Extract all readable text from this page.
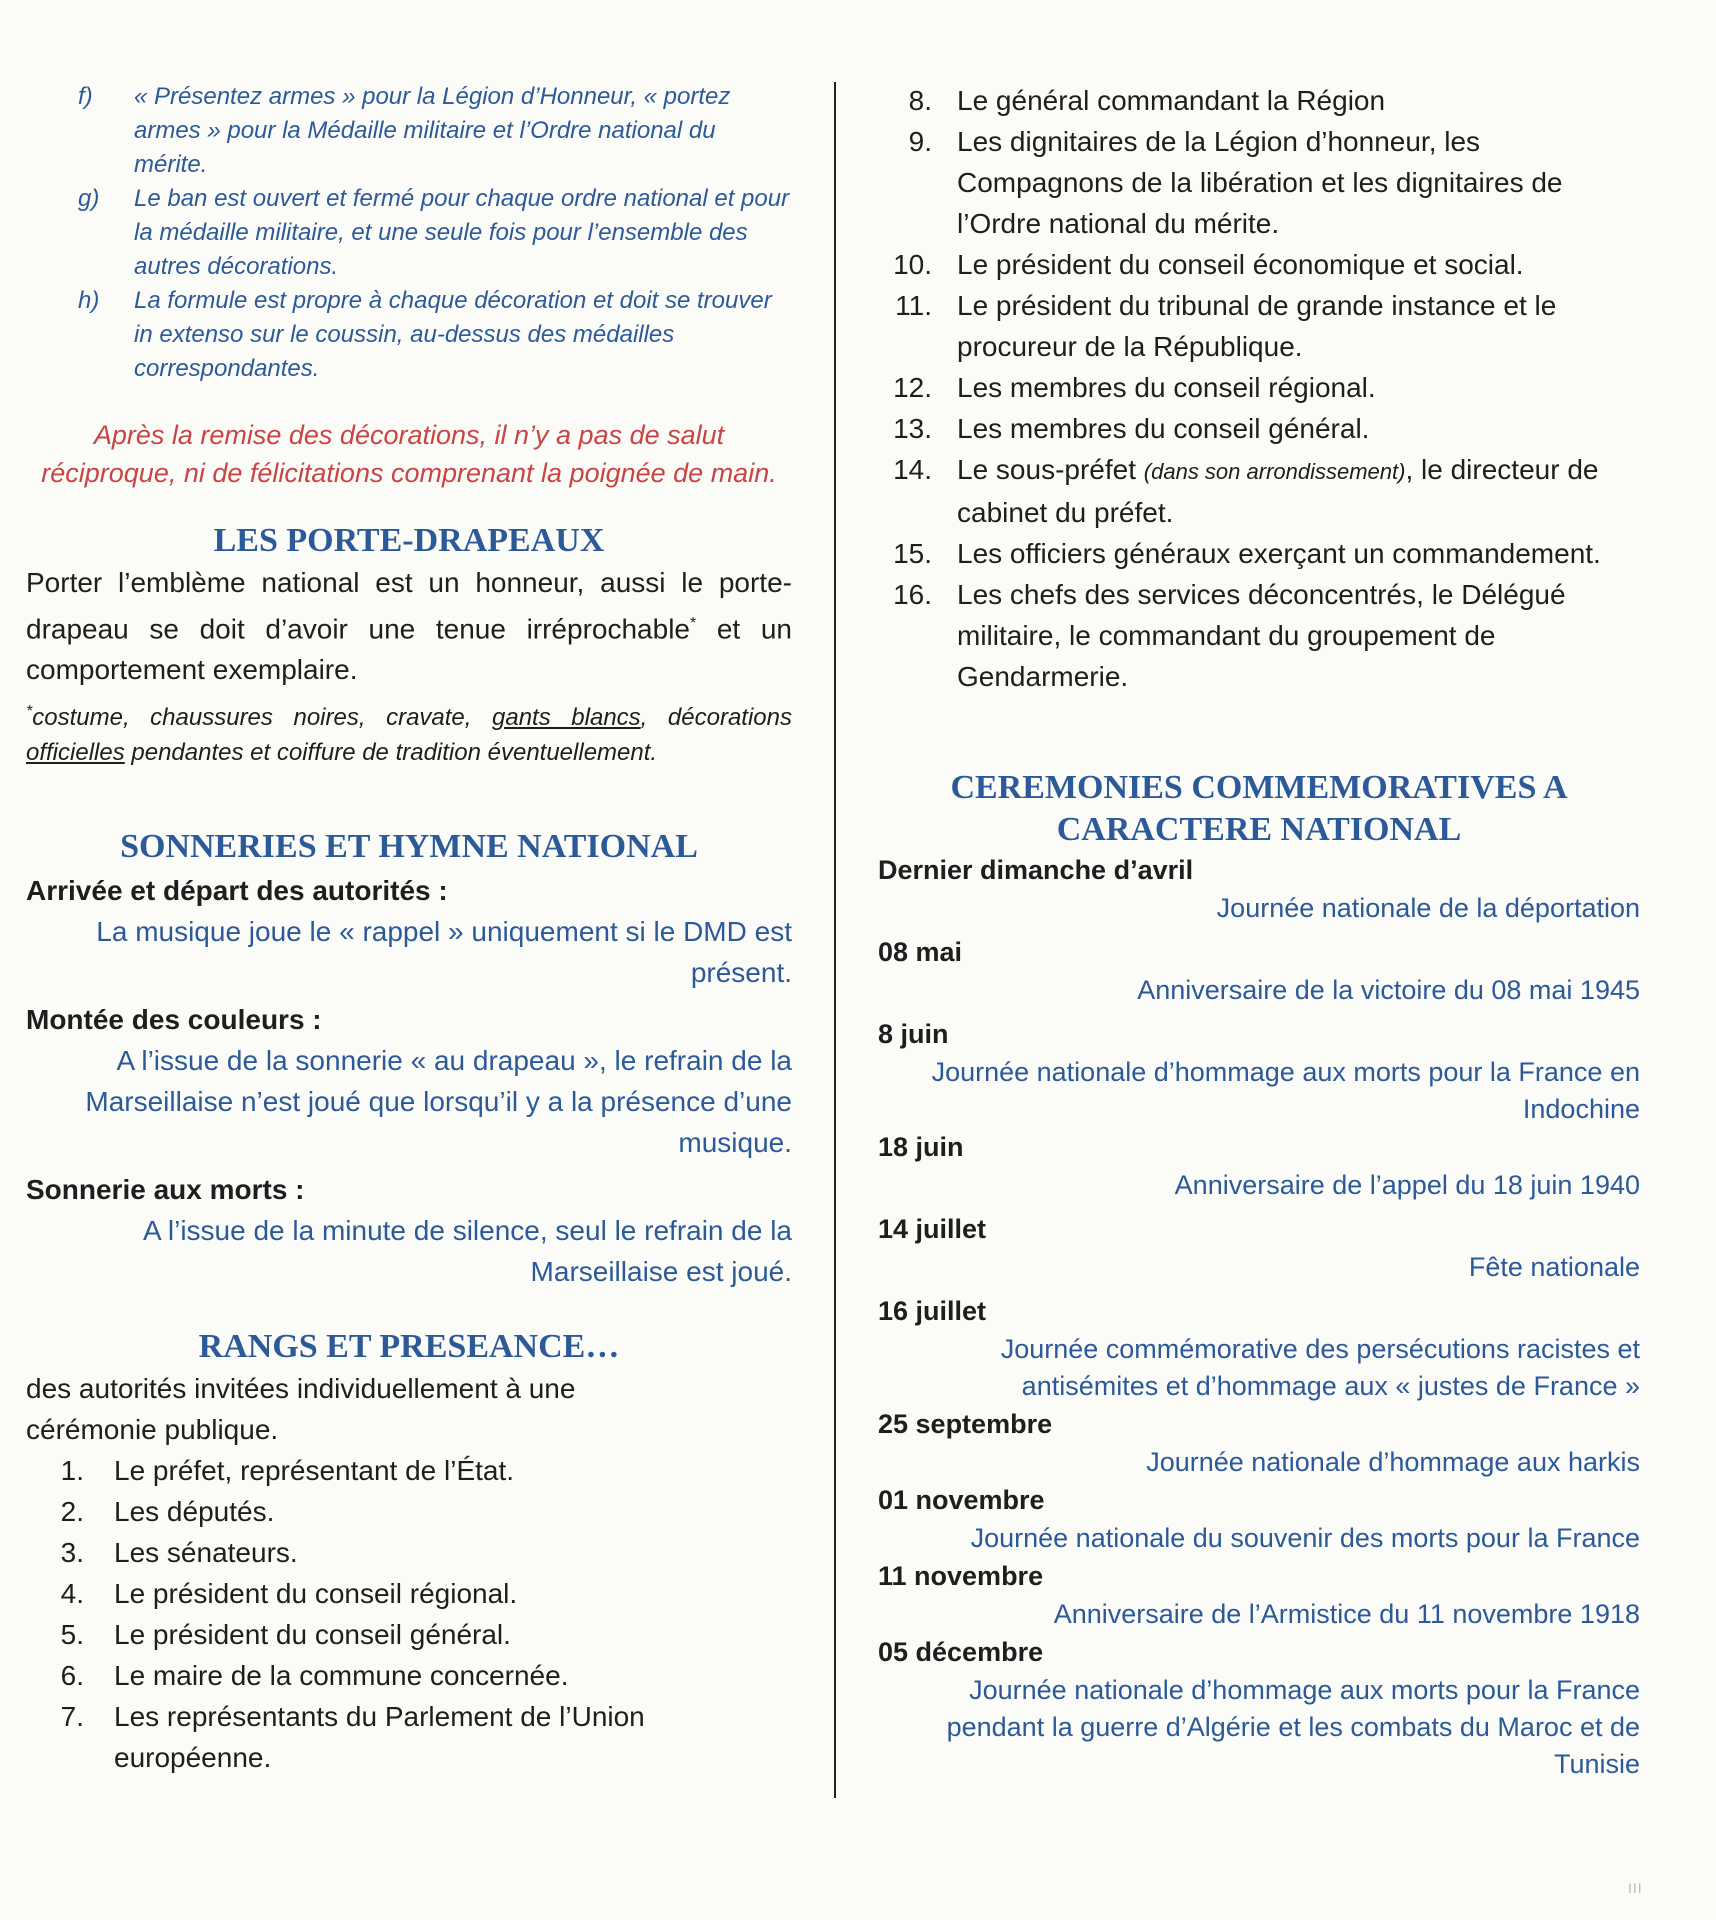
f)	« Présentez armes » pour la Légion d’Honneur, « portez armes » pour la Médaille militaire et l’Ordre national du mérite.
g)	Le ban est ouvert et fermé pour chaque ordre national et pour la médaille militaire, et une seule fois pour l’ensemble des autres décorations.
h)	La formule est propre à chaque décoration et doit se trouver in extenso sur le coussin, au-dessus des médailles correspondantes.

Après la remise des décorations, il n’y a pas de salut réciproque, ni de félicitations comprenant la poignée de main.

LES PORTE-DRAPEAUX

Porter l’emblème national est un honneur, aussi le porte-drapeau se doit d’avoir une tenue irréprochable* et un comportement exemplaire.

*costume, chaussures noires, cravate, gants blancs, décorations officielles pendantes et coiffure de tradition éventuellement.

SONNERIES ET HYMNE NATIONAL

Arrivée et départ des autorités :

La musique joue le « rappel » uniquement si le DMD est présent.

Montée des couleurs :

A l’issue de la sonnerie « au drapeau », le refrain de la Marseillaise n’est joué que lorsqu’il y a la présence d’une musique.

Sonnerie aux morts :

A l’issue de la minute de silence, seul le refrain de la Marseillaise est joué.

RANGS ET PRESEANCE…

des autorités invitées individuellement à une cérémonie publique.

1.	Le préfet, représentant de l’État.
2.	Les députés.
3.	Les sénateurs.
4.	Le président du conseil régional.
5.	Le président du conseil général.
6.	Le maire de la commune concernée.
7.	Les représentants du Parlement de l’Union européenne.
8. Le général commandant la Région
9. Les dignitaires de la Légion d’honneur, les Compagnons de la libération et les dignitaires de l’Ordre national du mérite.
10. Le président du conseil économique et social.
11. Le président du tribunal de grande instance et le procureur de la République.
12. Les membres du conseil régional.
13. Les membres du conseil général.
14. Le sous-préfet (dans son arrondissement), le directeur de cabinet du préfet.
15. Les officiers généraux exerçant un commandement.
16. Les chefs des services déconcentrés, le Délégué militaire, le commandant du groupement de Gendarmerie.
CEREMONIES COMMEMORATIVES A
CARACTERE NATIONAL

Dernier dimanche d’avril

Journée nationale de la déportation

08 mai

Anniversaire de la victoire du 08 mai 1945

8 juin

Journée nationale d’hommage aux morts pour la France en Indochine

18 juin

Anniversaire de l’appel du 18 juin 1940

14 juillet

Fête nationale

16 juillet

Journée commémorative des persécutions racistes et antisémites et d’hommage aux « justes de France »

25 septembre

Journée nationale d’hommage aux harkis

01 novembre

Journée nationale du souvenir des morts pour la France

11 novembre

Anniversaire de l’Armistice du 11 novembre 1918

05 décembre

Journée nationale d’hommage aux morts pour la France pendant la guerre d’Algérie et les combats du Maroc et de Tunisie

III
